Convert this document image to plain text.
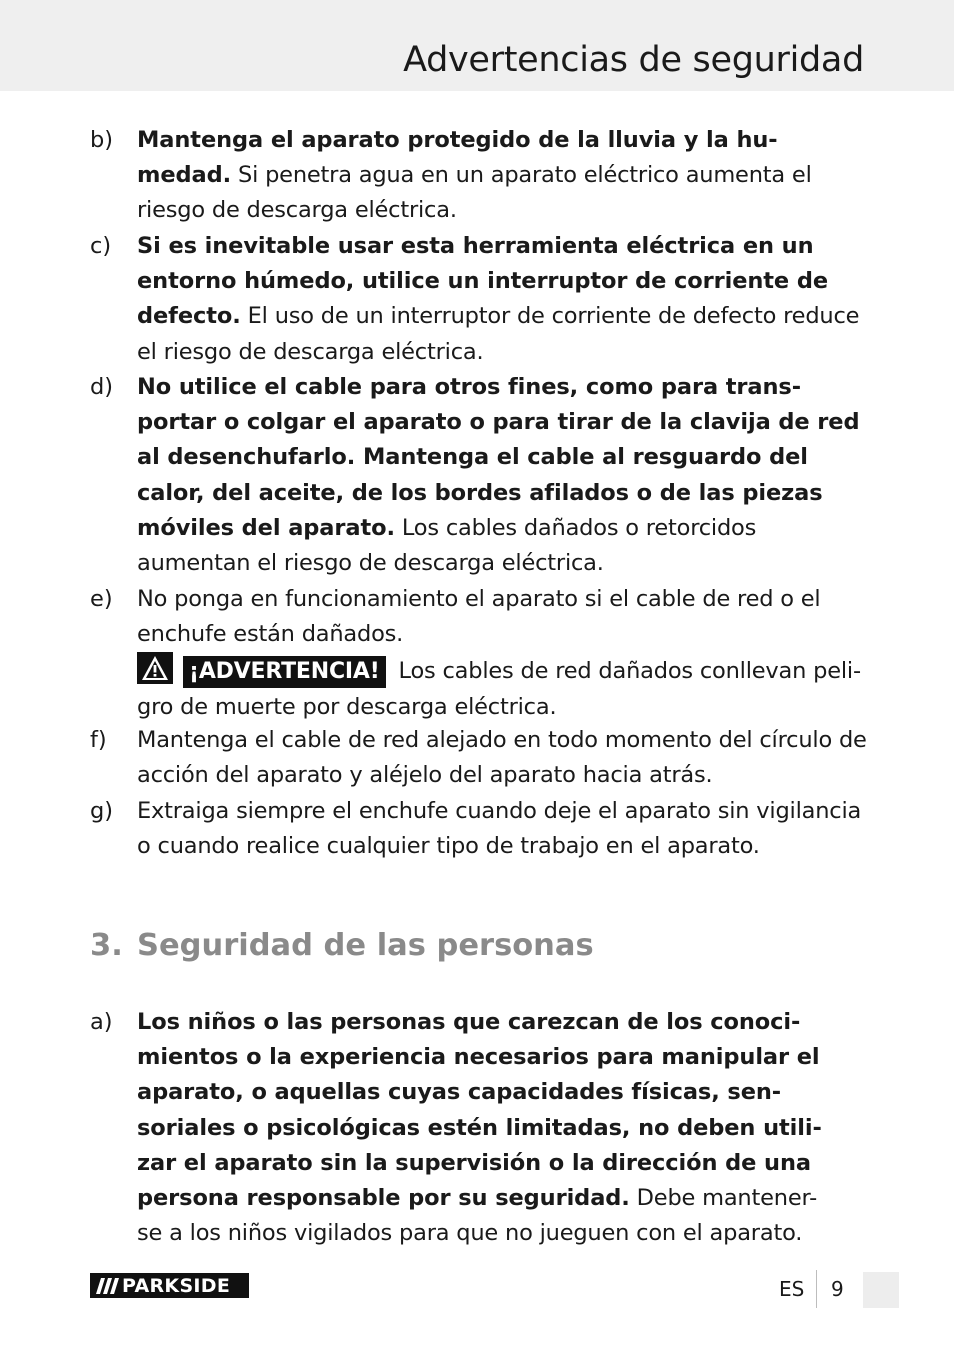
Advertencias de seguridad
b)	Mantenga el aparato protegido de la lluvia y la hu-
medad. Si penetra agua en un aparato eléctrico aumenta el riesgo de descarga eléctrica.
c)	Si es inevitable usar esta herramienta eléctrica en un entorno húmedo, utilice un interruptor de corriente de defecto. El uso de un interruptor de corriente de defecto reduce el riesgo de descarga eléctrica.
d)	No utilice el cable para otros fines, como para trans-
portar o colgar el aparato o para tirar de la clavija de red al desenchufarlo. Mantenga el cable al resguardo del calor, del aceite, de los bordes afilados o de las piezas móviles del aparato. Los cables dañados o retorcidos aumentan el riesgo de descarga eléctrica.
e)	No ponga en funcionamiento el aparato si el cable de red o el enchufe están dañados.

¡ADVERTENCIA! Los cables de red dañados conllevan peli-
gro de muerte por descarga eléctrica.
f)	Mantenga el cable de red alejado en todo momento del círculo de acción del aparato y aléjelo del aparato hacia atrás.
g)	Extraiga siempre el enchufe cuando deje el aparato sin vigilancia o cuando realice cualquier tipo de trabajo en el aparato.
3. Seguridad de las personas
a)	Los niños o las personas que carezcan de los conoci-
mientos o la experiencia necesarios para manipular el aparato, o aquellas cuyas capacidades físicas, sen-
soriales o psicológicas estén limitadas, no deben utili-
zar el aparato sin la supervisión o la dirección de una persona responsable por su seguridad. Debe mantener-
se a los niños vigilados para que no jueguen con el aparato.
PARKSIDE	ES 9
